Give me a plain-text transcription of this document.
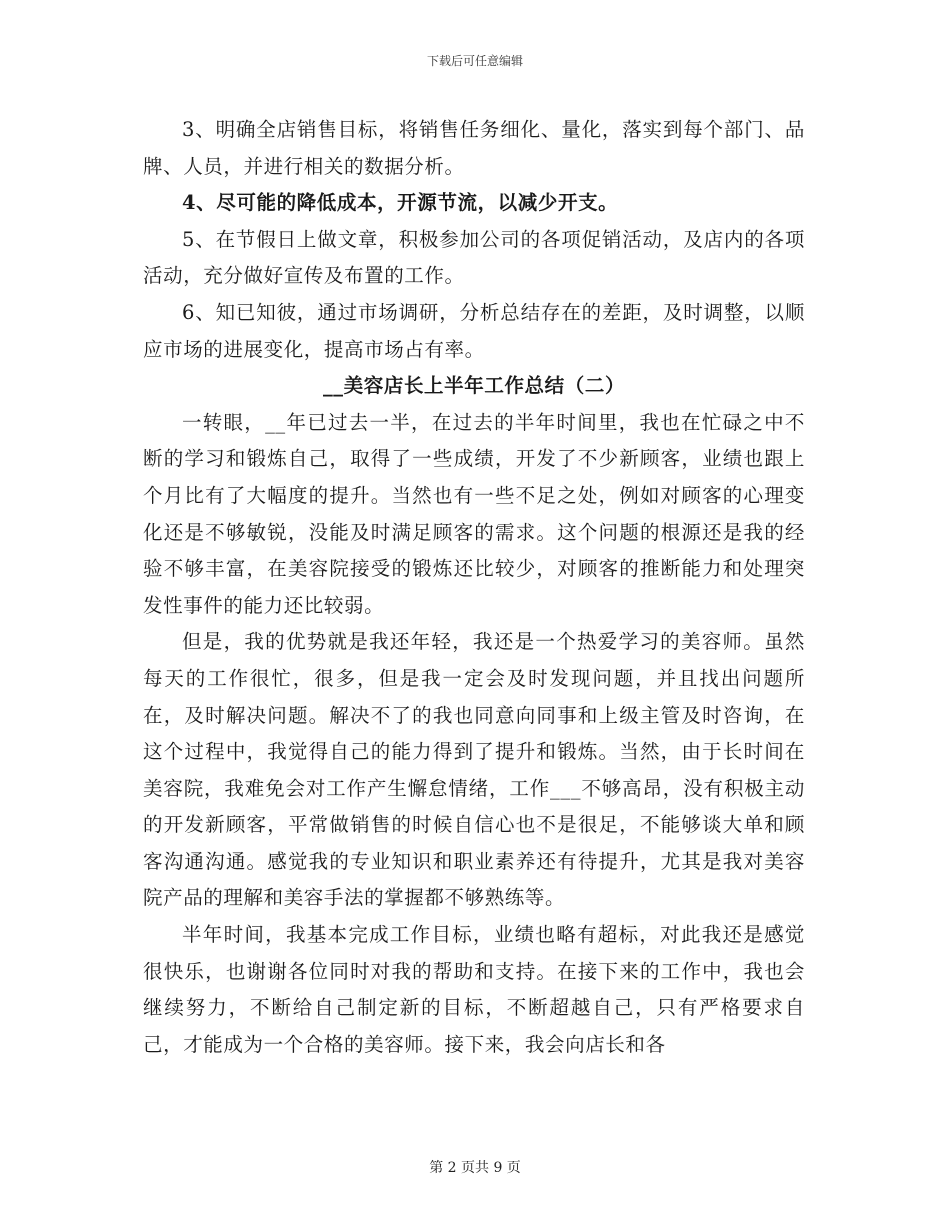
下载后可任意编辑

3、明确全店销售目标，将销售任务细化、量化，落实到每个部门、品牌、人员，并进行相关的数据分析。

4、尽可能的降低成本，开源节流，以减少开支。

5、在节假日上做文章，积极参加公司的各项促销活动，及店内的各项活动，充分做好宣传及布置的工作。

6、知已知彼，通过市场调研，分析总结存在的差距，及时调整，以顺应市场的进展变化，提高市场占有率。

__美容店长上半年工作总结（二）

一转眼，__年已过去一半，在过去的半年时间里，我也在忙碌之中不断的学习和锻炼自己，取得了一些成绩，开发了不少新顾客，业绩也跟上个月比有了大幅度的提升。当然也有一些不足之处，例如对顾客的心理变化还是不够敏锐，没能及时满足顾客的需求。这个问题的根源还是我的经验不够丰富，在美容院接受的锻炼还比较少，对顾客的推断能力和处理突发性事件的能力还比较弱。

但是，我的优势就是我还年轻，我还是一个热爱学习的美容师。虽然每天的工作很忙，很多，但是我一定会及时发现问题，并且找出问题所在，及时解决问题。解决不了的我也同意向同事和上级主管及时咨询，在这个过程中，我觉得自己的能力得到了提升和锻炼。当然，由于长时间在美容院，我难免会对工作产生懈怠情绪，工作___不够高昂，没有积极主动的开发新顾客，平常做销售的时候自信心也不是很足，不能够谈大单和顾客沟通沟通。感觉我的专业知识和职业素养还有待提升，尤其是我对美容院产品的理解和美容手法的掌握都不够熟练等。

半年时间，我基本完成工作目标，业绩也略有超标，对此我还是感觉很快乐，也谢谢各位同时对我的帮助和支持。在接下来的工作中，我也会继续努力，不断给自己制定新的目标，不断超越自己，只有严格要求自己，才能成为一个合格的美容师。接下来，我会向店长和各

第 2 页共 9 页
